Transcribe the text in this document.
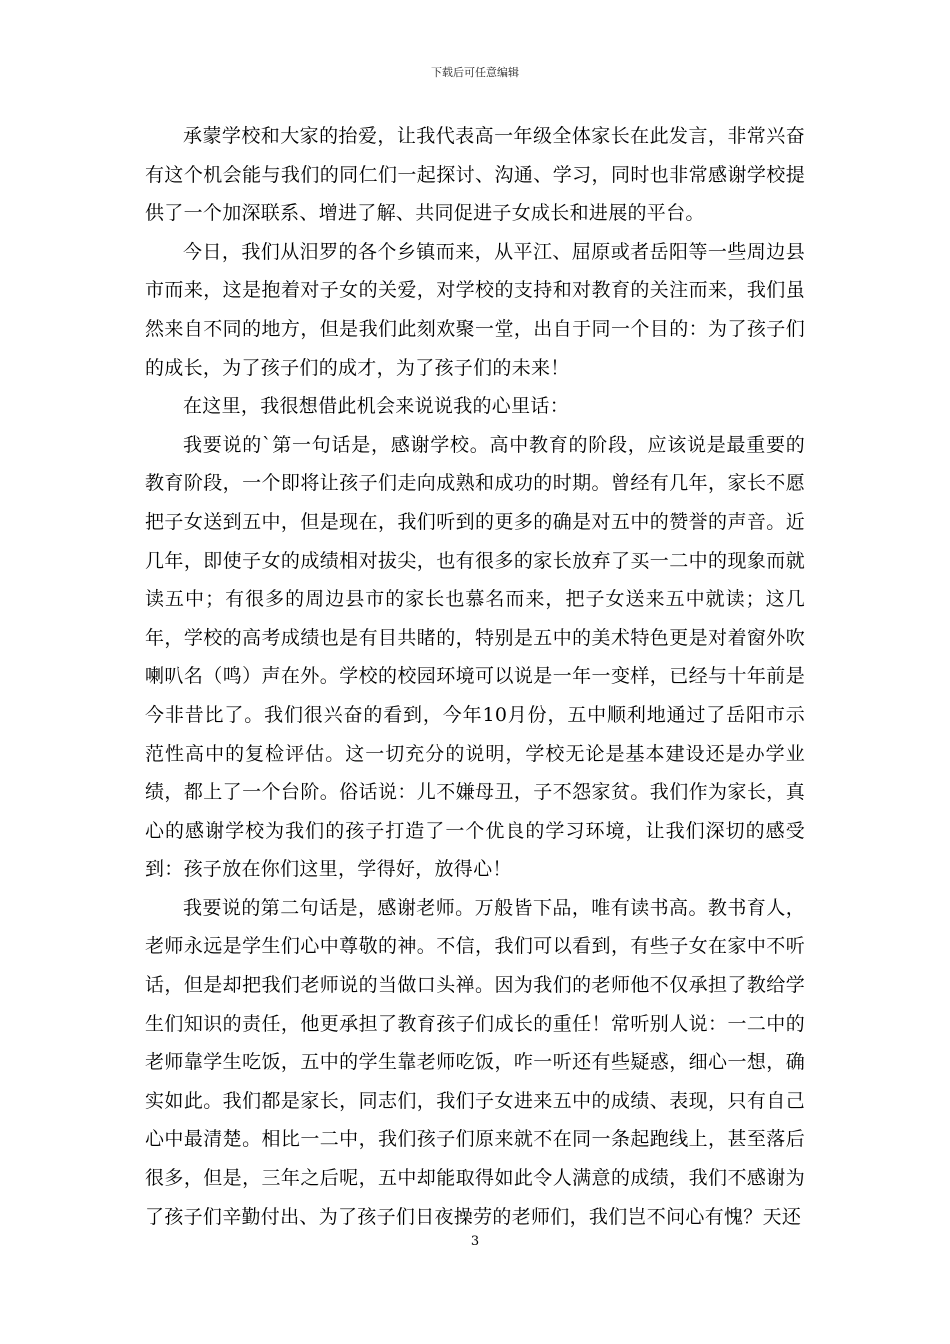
下载后可任意编辑

承蒙学校和大家的抬爱，让我代表高一年级全体家长在此发言，非常兴奋有这个机会能与我们的同仁们一起探讨、沟通、学习，同时也非常感谢学校提供了一个加深联系、增进了解、共同促进子女成长和进展的平台。

今日，我们从汨罗的各个乡镇而来，从平江、屈原或者岳阳等一些周边县市而来，这是抱着对子女的关爱，对学校的支持和对教育的关注而来，我们虽然来自不同的地方，但是我们此刻欢聚一堂，出自于同一个目的：为了孩子们的成长，为了孩子们的成才，为了孩子们的未来！

在这里，我很想借此机会来说说我的心里话：

我要说的`第一句话是，感谢学校。高中教育的阶段，应该说是最重要的教育阶段，一个即将让孩子们走向成熟和成功的时期。曾经有几年，家长不愿把子女送到五中，但是现在，我们听到的更多的确是对五中的赞誉的声音。近几年，即使子女的成绩相对拔尖，也有很多的家长放弃了买一二中的现象而就读五中；有很多的周边县市的家长也慕名而来，把子女送来五中就读；这几年，学校的高考成绩也是有目共睹的，特别是五中的美术特色更是对着窗外吹喇叭名（鸣）声在外。学校的校园环境可以说是一年一变样，已经与十年前是今非昔比了。我们很兴奋的看到，今年10月份，五中顺利地通过了岳阳市示范性高中的复检评估。这一切充分的说明，学校无论是基本建设还是办学业绩，都上了一个台阶。俗话说：儿不嫌母丑，子不怨家贫。我们作为家长，真心的感谢学校为我们的孩子打造了一个优良的学习环境，让我们深切的感受到：孩子放在你们这里，学得好，放得心！

我要说的第二句话是，感谢老师。万般皆下品，唯有读书高。教书育人，老师永远是学生们心中尊敬的神。不信，我们可以看到，有些子女在家中不听话，但是却把我们老师说的当做口头禅。因为我们的老师他不仅承担了教给学生们知识的责任，他更承担了教育孩子们成长的重任！常听别人说：一二中的老师靠学生吃饭，五中的学生靠老师吃饭，咋一听还有些疑惑，细心一想，确实如此。我们都是家长，同志们，我们子女进来五中的成绩、表现，只有自己心中最清楚。相比一二中，我们孩子们原来就不在同一条起跑线上，甚至落后很多，但是，三年之后呢，五中却能取得如此令人满意的成绩，我们不感谢为了孩子们辛勤付出、为了孩子们日夜操劳的老师们，我们岂不问心有愧？天还

3
